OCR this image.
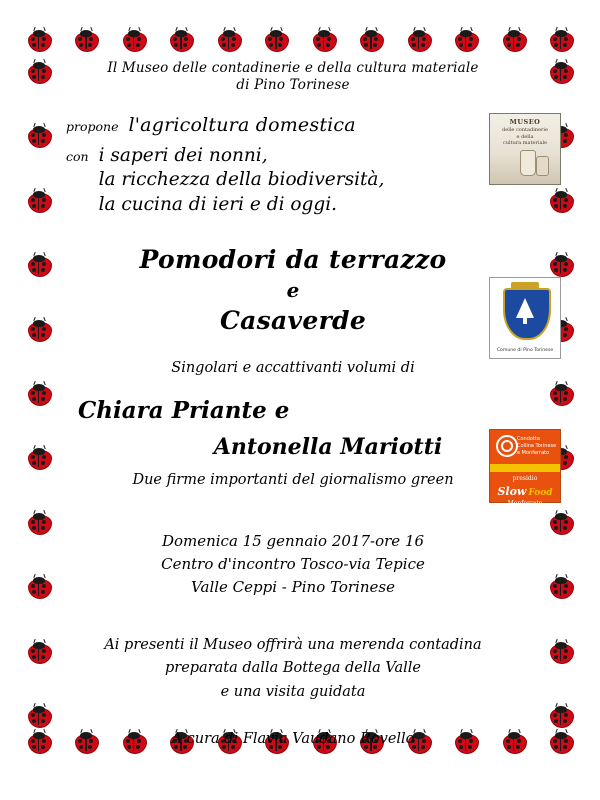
MUSEO
delle contadinerie
e della
cultura materiale
Comune di Pino Torinese
Condotta
Collina Torinese
e Monferrato
presidio
Slow Food
Monferrato
Il Museo delle contadinerie e della cultura materiale
di Pino Torinese
propone l'agricoltura domestica
con i saperi dei nonni,
la ricchezza della biodiversità,
la cucina di ieri e di oggi.
Pomodori da terrazzo
e
Casaverde
Singolari e accattivanti volumi di
Chiara Priante e
Antonella Mariotti
Due firme importanti del giornalismo green
Domenica 15 gennaio 2017-ore 16
Centro d'incontro Tosco-via Tepice
Valle Ceppi - Pino Torinese
Ai presenti il Museo offrirà una merenda contadina
preparata dalla Bottega della Valle
e una visita guidata
A cura di Flavia Vaudano Rovello
